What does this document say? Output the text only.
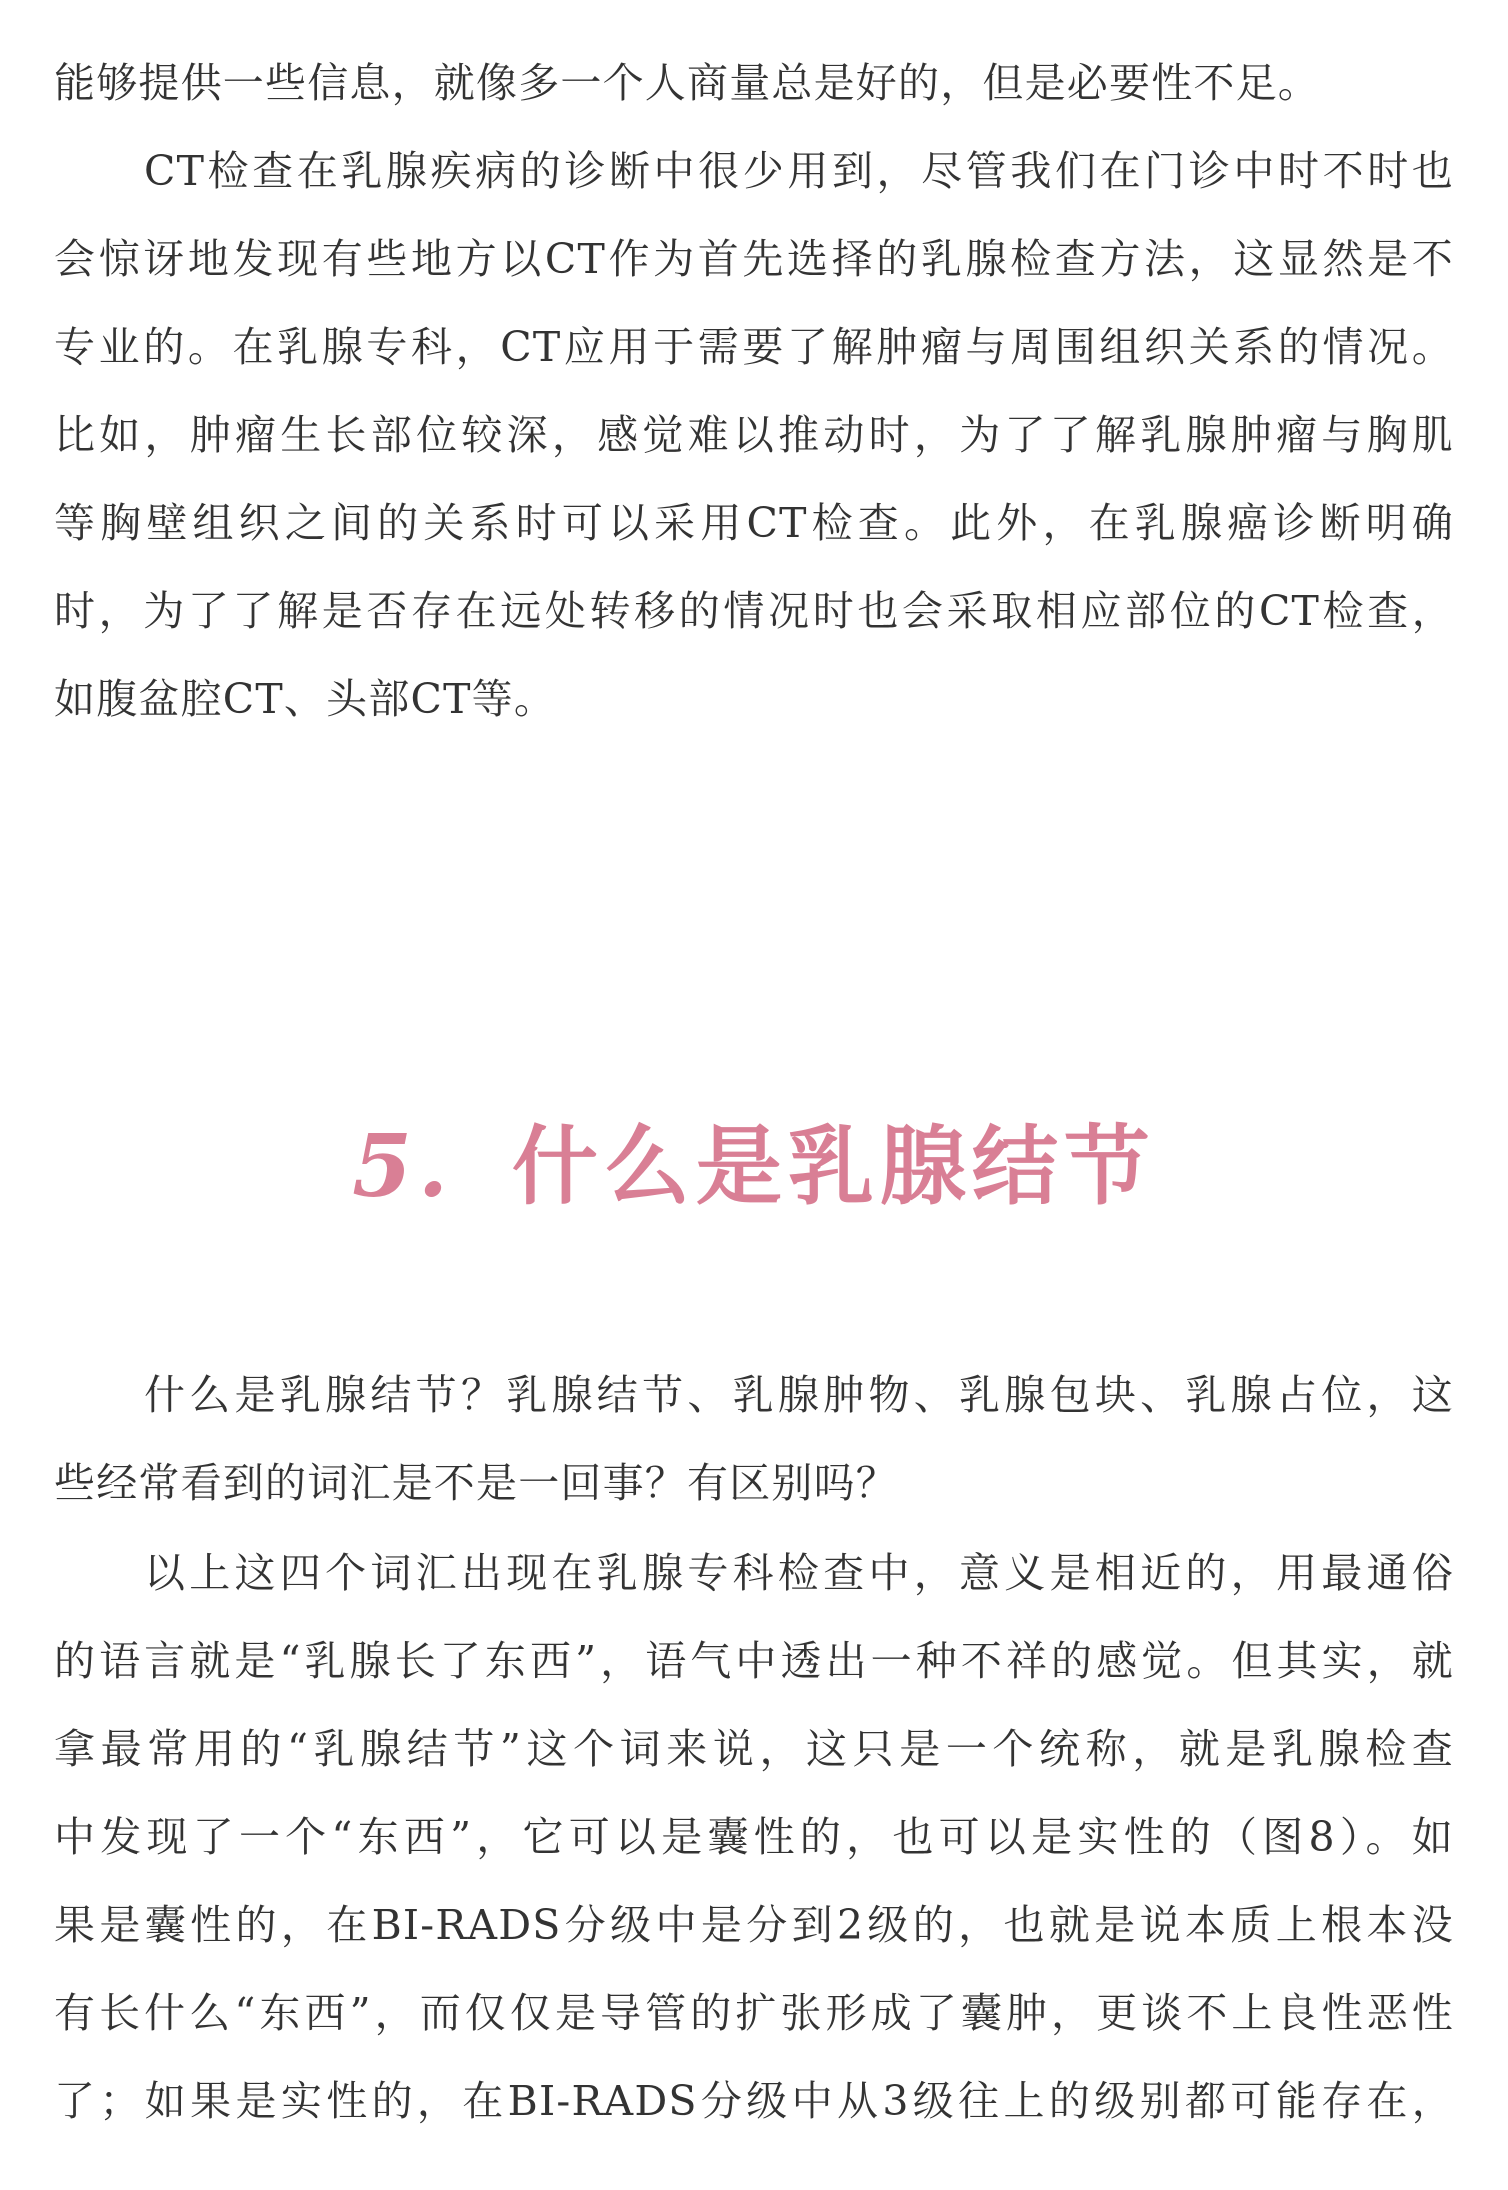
能够提供一些信息，就像多一个人商量总是好的，但是必要性不足。
CT检查在乳腺疾病的诊断中很少用到，尽管我们在门诊中时不时也
会惊讶地发现有些地方以CT作为首先选择的乳腺检查方法，这显然是不
专业的。在乳腺专科，CT应用于需要了解肿瘤与周围组织关系的情况。
比如，肿瘤生长部位较深，感觉难以推动时，为了了解乳腺肿瘤与胸肌
等胸壁组织之间的关系时可以采用CT检查。此外，在乳腺癌诊断明确
时，为了了解是否存在远处转移的情况时也会采取相应部位的CT检查，
如腹盆腔CT、头部CT等。
5. 什么是乳腺结节
什么是乳腺结节？乳腺结节、乳腺肿物、乳腺包块、乳腺占位，这
些经常看到的词汇是不是一回事？有区别吗？
以上这四个词汇出现在乳腺专科检查中，意义是相近的，用最通俗
的语言就是“乳腺长了东西”，语气中透出一种不祥的感觉。但其实，就
拿最常用的“乳腺结节”这个词来说，这只是一个统称，就是乳腺检查
中发现了一个“东西”，它可以是囊性的，也可以是实性的（图8）。如
果是囊性的，在BI-RADS分级中是分到2级的，也就是说本质上根本没
有长什么“东西”，而仅仅是导管的扩张形成了囊肿，更谈不上良性恶性
了；如果是实性的，在BI-RADS分级中从3级往上的级别都可能存在，
